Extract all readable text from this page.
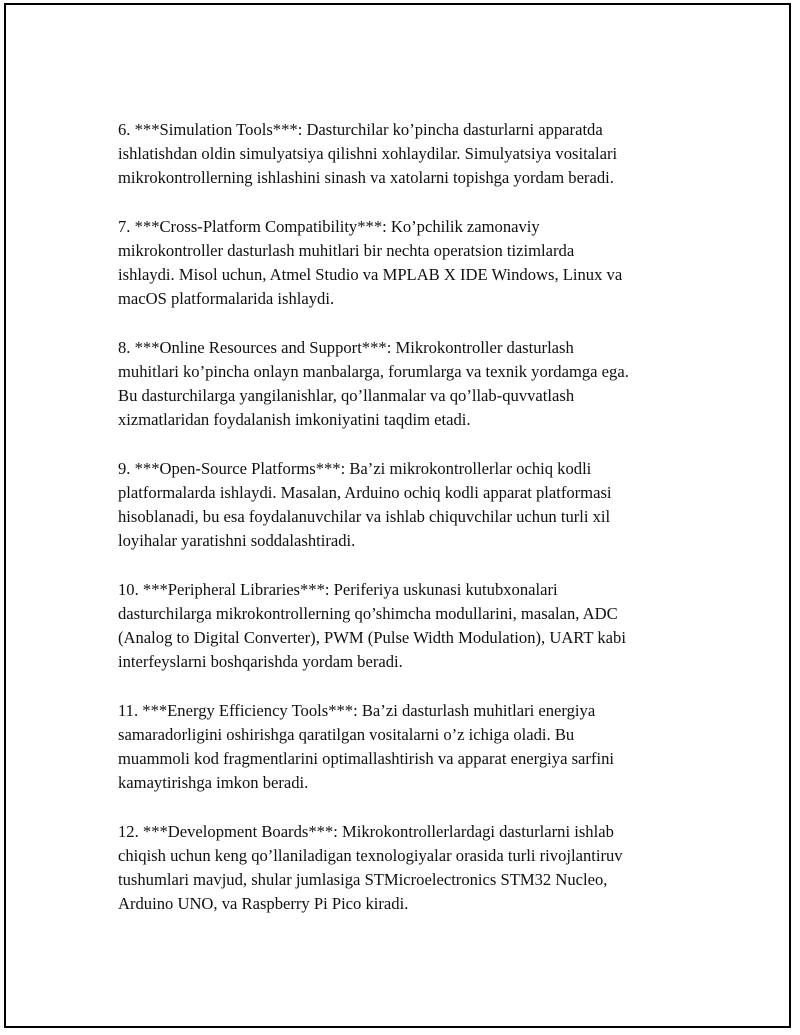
6. ***Simulation Tools***: Dasturchilar ko’pincha dasturlarni apparatda
ishlatishdan oldin simulyatsiya qilishni xohlaydilar. Simulyatsiya vositalari
mikrokontrollerning ishlashini sinash va xatolarni topishga yordam beradi.

7. ***Cross-Platform Compatibility***: Ko’pchilik zamonaviy
mikrokontroller dasturlash muhitlari bir nechta operatsion tizimlarda
ishlaydi. Misol uchun, Atmel Studio va MPLAB X IDE Windows, Linux va
macOS platformalarida ishlaydi.

8. ***Online Resources and Support***: Mikrokontroller dasturlash
muhitlari ko’pincha onlayn manbalarga, forumlarga va texnik yordamga ega.
Bu dasturchilarga yangilanishlar, qo’llanmalar va qo’llab-quvvatlash
xizmatlaridan foydalanish imkoniyatini taqdim etadi.

9. ***Open-Source Platforms***: Ba’zi mikrokontrollerlar ochiq kodli
platformalarda ishlaydi. Masalan, Arduino ochiq kodli apparat platformasi
hisoblanadi, bu esa foydalanuvchilar va ishlab chiquvchilar uchun turli xil
loyihalar yaratishni soddalashtiradi.

10. ***Peripheral Libraries***: Periferiya uskunasi kutubxonalari
dasturchilarga mikrokontrollerning qo’shimcha modullarini, masalan, ADC
(Analog to Digital Converter), PWM (Pulse Width Modulation), UART kabi
interfeyslarni boshqarishda yordam beradi.

11. ***Energy Efficiency Tools***: Ba’zi dasturlash muhitlari energiya
samaradorligini oshirishga qaratilgan vositalarni o’z ichiga oladi. Bu
muammoli kod fragmentlarini optimallashtirish va apparat energiya sarfini
kamaytirishga imkon beradi.

12. ***Development Boards***: Mikrokontrollerlardagi dasturlarni ishlab
chiqish uchun keng qo’llaniladigan texnologiyalar orasida turli rivojlantiruv
tushumlari mavjud, shular jumlasiga STMicroelectronics STM32 Nucleo,
Arduino UNO, va Raspberry Pi Pico kiradi.
